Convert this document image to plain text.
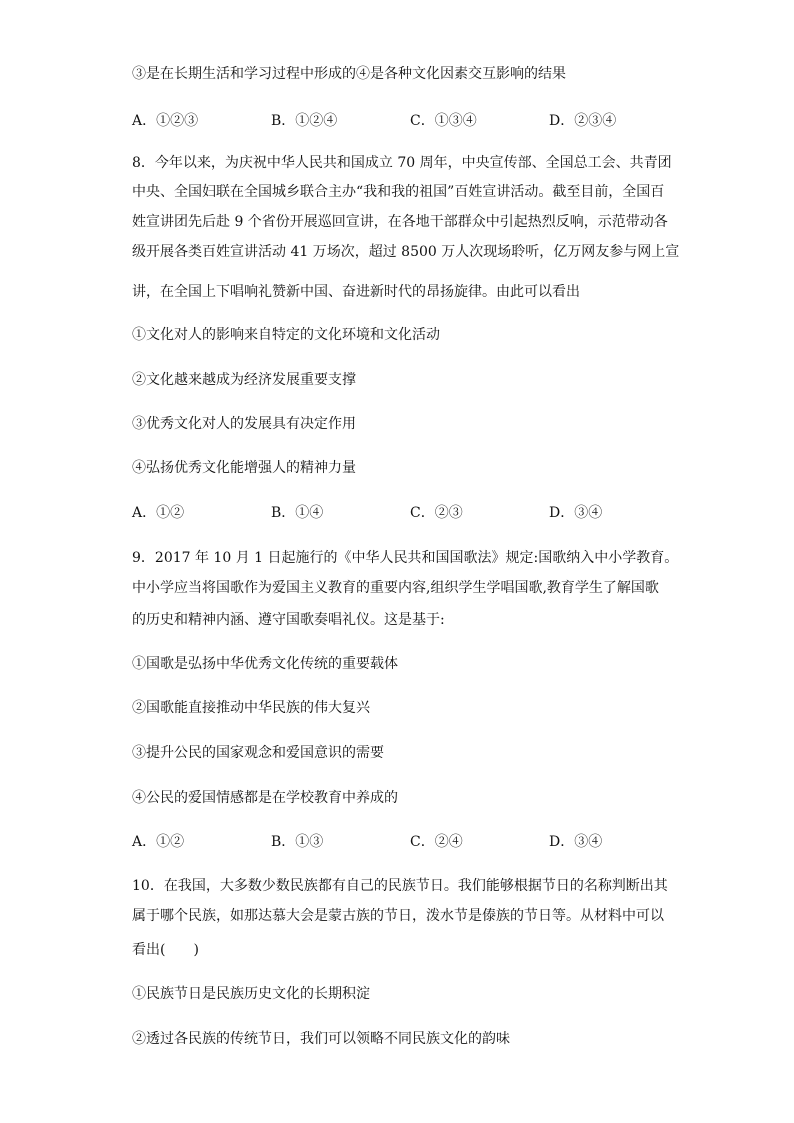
③是在长期生活和学习过程中形成的④是各种文化因素交互影响的结果
A．①②③	B．①②④	C．①③④	D．②③④
8．今年以来，为庆祝中华人民共和国成立 70 周年，中央宣传部、全国总工会、共青团
中央、全国妇联在全国城乡联合主办“我和我的祖国”百姓宣讲活动。截至目前，全国百
姓宣讲团先后赴 9 个省份开展巡回宣讲，在各地干部群众中引起热烈反响，示范带动各
级开展各类百姓宣讲活动 41 万场次，超过 8500 万人次现场聆听，亿万网友参与网上宣
讲，在全国上下唱响礼赞新中国、奋进新时代的昂扬旋律。由此可以看出
①文化对人的影响来自特定的文化环境和文化活动
②文化越来越成为经济发展重要支撑
③优秀文化对人的发展具有决定作用
④弘扬优秀文化能增强人的精神力量
A．①②	B．①④	C．②③	D．③④
9．2017 年 10 月 1 日起施行的《中华人民共和国国歌法》规定:国歌纳入中小学教育。
中小学应当将国歌作为爱国主义教育的重要内容,组织学生学唱国歌,教育学生了解国歌
的历史和精神内涵、遵守国歌奏唱礼仪。这是基于:
①国歌是弘扬中华优秀文化传统的重要载体
②国歌能直接推动中华民族的伟大复兴
③提升公民的国家观念和爱国意识的需要
④公民的爱国情感都是在学校教育中养成的
A．①②	B．①③	C．②④	D．③④
10．在我国，大多数少数民族都有自己的民族节日。我们能够根据节日的名称判断出其
属于哪个民族，如那达慕大会是蒙古族的节日，泼水节是傣族的节日等。从材料中可以
看出(　　)
①民族节日是民族历史文化的长期积淀
②透过各民族的传统节日，我们可以领略不同民族文化的韵味
